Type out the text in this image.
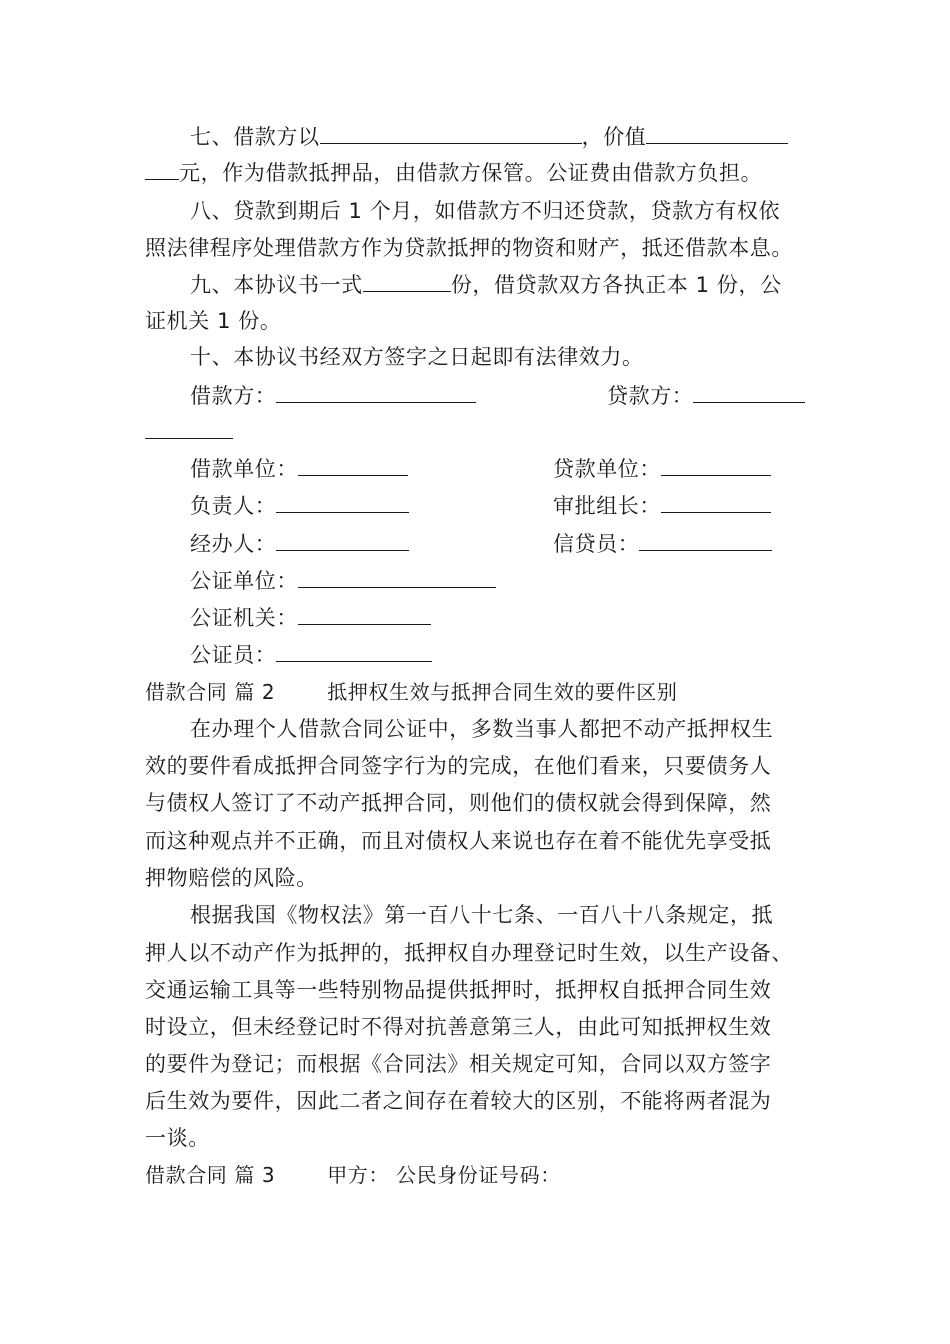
七、借款方以	，价值
元，作为借款抵押品，由借款方保管。公证费由借款方负担。
八、贷款到期后 1 个月，如借款方不归还贷款，贷款方有权依
照法律程序处理借款方作为贷款抵押的物资和财产，抵还借款本息。
九、本协议书一式	份，借贷款双方各执正本 1 份，公
证机关 1 份。
十、本协议书经双方签字之日起即有法律效力。
借款方：	贷款方：
借款单位：	贷款单位：
负责人：	审批组长：
经办人：	信贷员：
公证单位：
公证机关：
公证员：
借款合同 篇 2	抵押权生效与抵押合同生效的要件区别
在办理个人借款合同公证中，多数当事人都把不动产抵押权生
效的要件看成抵押合同签字行为的完成，在他们看来，只要债务人
与债权人签订了不动产抵押合同，则他们的债权就会得到保障，然
而这种观点并不正确，而且对债权人来说也存在着不能优先享受抵
押物赔偿的风险。
根据我国《物权法》第一百八十七条、一百八十八条规定，抵
押人以不动产作为抵押的，抵押权自办理登记时生效，以生产设备、
交通运输工具等一些特别物品提供抵押时，抵押权自抵押合同生效
时设立，但未经登记时不得对抗善意第三人，由此可知抵押权生效
的要件为登记；而根据《合同法》相关规定可知，合同以双方签字
后生效为要件，因此二者之间存在着较大的区别，不能将两者混为
一谈。
借款合同 篇 3	甲方： 公民身份证号码：
